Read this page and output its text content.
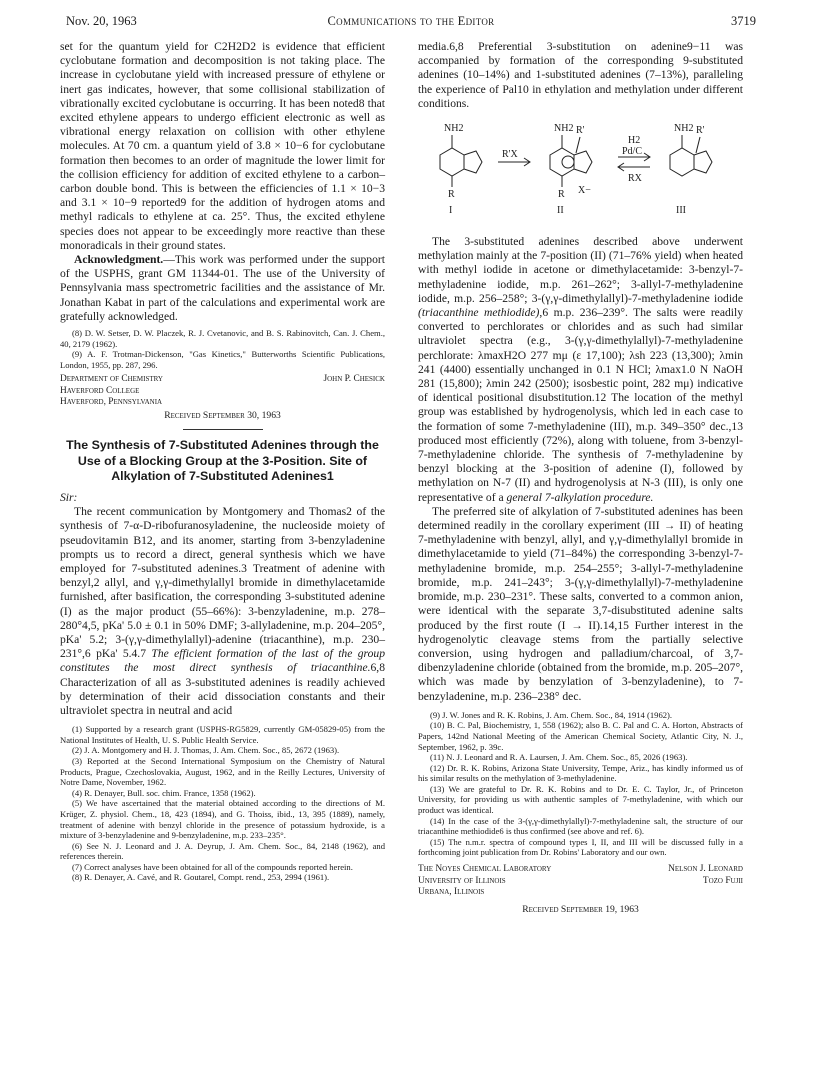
Nov. 20, 1963	Communications to the Editor	3719

set for the quantum yield for C2H2D2 is evidence that efficient cyclobutane formation and decomposition is not taking place. The increase in cyclobutane yield with increased pressure of ethylene or inert gas indicates, however, that some collisional stabilization of vibrationally excited cyclobutane is occurring. It has been noted8 that excited ethylene appears to undergo efficient electronic as well as vibrational energy relaxation on collision with other ethylene molecules. At 70 cm. a quantum yield of 3.8 × 10−6 for cyclobutane formation then becomes to an order of magnitude the lower limit for the collision efficiency for addition of excited ethylene to a carbon–carbon double bond. This is between the efficiencies of 1.1 × 10−3 and 3.1 × 10−9 reported9 for the addition of hydrogen atoms and methyl radicals to ethylene at ca. 25°. Thus, the excited ethylene species does not appear to be exceedingly more reactive than these monoradicals in their ground states.

Acknowledgment.—This work was performed under the support of the USPHS, grant GM 11344-01. The use of the University of Pennsylvania mass spectrometric facilities and the assistance of Mr. Jonathan Kabat in part of the calculations and experimental work are gratefully acknowledged.

(8) D. W. Setser, D. W. Placzek, R. J. Cvetanovic, and B. S. Rabinovitch, Can. J. Chem., 40, 2179 (1962).

(9) A. F. Trotman-Dickenson, "Gas Kinetics," Butterworths Scientific Publications, London, 1955, pp. 287, 296.

Department of Chemistry	John P. Chesick
Haverford College
Haverford, Pennsylvania
Received September 30, 1963
The Synthesis of 7-Substituted Adenines through the Use of a Blocking Group at the 3-Position. Site of Alkylation of 7-Substituted Adenines1

Sir:

The recent communication by Montgomery and Thomas2 of the synthesis of 7-α-D-ribofuranosyladenine, the nucleoside moiety of pseudovitamin B12, and its anomer, starting from 3-benzyladenine prompts us to record a direct, general synthesis which we have employed for 7-substituted adenines.3 Treatment of adenine with benzyl,2 allyl, and γ,γ-dimethylallyl bromide in dimethylacetamide furnished, after basification, the corresponding 3-substituted adenine (I) as the major product (55–66%): 3-benzyladenine, m.p. 278–280°4,5, pKa' 5.0 ± 0.1 in 50% DMF; 3-allyladenine, m.p. 204–205°, pKa' 5.2; 3-(γ,γ-dimethylallyl)-adenine (triacanthine), m.p. 230–231°,6 pKa' 5.4.7 The efficient formation of the last of the group constitutes the most direct synthesis of triacanthine.6,8 Characterization of all as 3-substituted adenines is readily achieved by determination of their acid dissociation constants and their ultraviolet spectra in neutral and acid

(1) Supported by a research grant (USPHS-RG5829, currently GM-05829-05) from the National Institutes of Health, U. S. Public Health Service.

(2) J. A. Montgomery and H. J. Thomas, J. Am. Chem. Soc., 85, 2672 (1963).

(3) Reported at the Second International Symposium on the Chemistry of Natural Products, Prague, Czechoslovakia, August, 1962, and in the Reilly Lectures, University of Notre Dame, November, 1962.

(4) R. Denayer, Bull. soc. chim. France, 1358 (1962).

(5) We have ascertained that the material obtained according to the directions of M. Krüger, Z. physiol. Chem., 18, 423 (1894), and G. Thoiss, ibid., 13, 395 (1889), namely, treatment of adenine with benzyl chloride in the presence of potassium hydroxide, is a mixture of 3-benzyladenine and 9-benzyladenine, m.p. 233–235°.

(6) See N. J. Leonard and J. A. Deyrup, J. Am. Chem. Soc., 84, 2148 (1962), and references therein.

(7) Correct analyses have been obtained for all of the compounds reported herein.

(8) R. Denayer, A. Cavé, and R. Goutarel, Compt. rend., 253, 2994 (1961).

media.6,8 Preferential 3-substitution on adenine9−11 was accompanied by formation of the corresponding 9-substituted adenines (10–14%) and 1-substituted adenines (7–13%), paralleling the experience of Pal10 in ethylation and methylation under different conditions.

NH2
R
I
R'X
NH2 R'
R X−
II
H2
Pd/C
RX
NH2 R'
III

The 3-substituted adenines described above underwent methylation mainly at the 7-position (II) (71–76% yield) when heated with methyl iodide in acetone or dimethylacetamide: 3-benzyl-7-methyladenine iodide, m.p. 261–262°; 3-allyl-7-methyladenine iodide, m.p. 256–258°; 3-(γ,γ-dimethylallyl)-7-methyladenine iodide (triacanthine methiodide),6 m.p. 236–239°. The salts were readily converted to perchlorates or chlorides and as such had similar ultraviolet spectra (e.g., 3-(γ,γ-dimethylallyl)-7-methyladenine perchlorate: λmaxH2O 277 mμ (ε 17,100); λsh 223 (13,300); λmin 241 (4400) essentially unchanged in 0.1 N HCl; λmax1.0 N NaOH 281 (15,800); λmin 242 (2500); isosbestic point, 282 mμ) indicative of identical positional disubstitution.12 The location of the methyl group was established by hydrogenolysis, which led in each case to the formation of some 7-methyladenine (III), m.p. 349–350° dec.,13 produced most efficiently (72%), along with toluene, from 3-benzyl-7-methyladenine chloride. The synthesis of 7-methyladenine by benzyl blocking at the 3-position of adenine (I), followed by methylation on N-7 (II) and hydrogenolysis at N-3 (III), is only one representative of a general 7-alkylation procedure.

The preferred site of alkylation of 7-substituted adenines has been determined readily in the corollary experiment (III → II) of heating 7-methyladenine with benzyl, allyl, and γ,γ-dimethylallyl bromide in dimethylacetamide to yield (71–84%) the corresponding 3-benzyl-7-methyladenine bromide, m.p. 254–255°; 3-allyl-7-methyladenine bromide, m.p. 241–243°; 3-(γ,γ-dimethylallyl)-7-methyladenine bromide, m.p. 230–231°. These salts, converted to a common anion, were identical with the separate 3,7-disubstituted adenine salts produced by the first route (I → II).14,15 Further interest in the hydrogenolytic cleavage stems from the partially selective conversion, using hydrogen and palladium/charcoal, of 3,7-dibenzyladenine chloride (obtained from the bromide, m.p. 205–207°, which was made by benzylation of 3-benzyladenine), to 7-benzyladenine, m.p. 236–238° dec.

(9) J. W. Jones and R. K. Robins, J. Am. Chem. Soc., 84, 1914 (1962).

(10) B. C. Pal, Biochemistry, 1, 558 (1962); also B. C. Pal and C. A. Horton, Abstracts of Papers, 142nd National Meeting of the American Chemical Society, Atlantic City, N. J., September, 1962, p. 39c.

(11) N. J. Leonard and R. A. Laursen, J. Am. Chem. Soc., 85, 2026 (1963).

(12) Dr. R. K. Robins, Arizona State University, Tempe, Ariz., has kindly informed us of his similar results on the methylation of 3-methyladenine.

(13) We are grateful to Dr. R. K. Robins and to Dr. E. C. Taylor, Jr., of Princeton University, for providing us with authentic samples of 7-methyladenine, with which our product was identical.

(14) In the case of the 3-(γ,γ-dimethylallyl)-7-methyladenine salt, the structure of our triacanthine methiodide6 is thus confirmed (see above and ref. 6).

(15) The n.m.r. spectra of compound types I, II, and III will be discussed fully in a forthcoming joint publication from Dr. Robins' Laboratory and our own.

The Noyes Chemical Laboratory	Nelson J. Leonard
University of Illinois	Tozo Fujii
Urbana, Illinois
Received September 19, 1963
